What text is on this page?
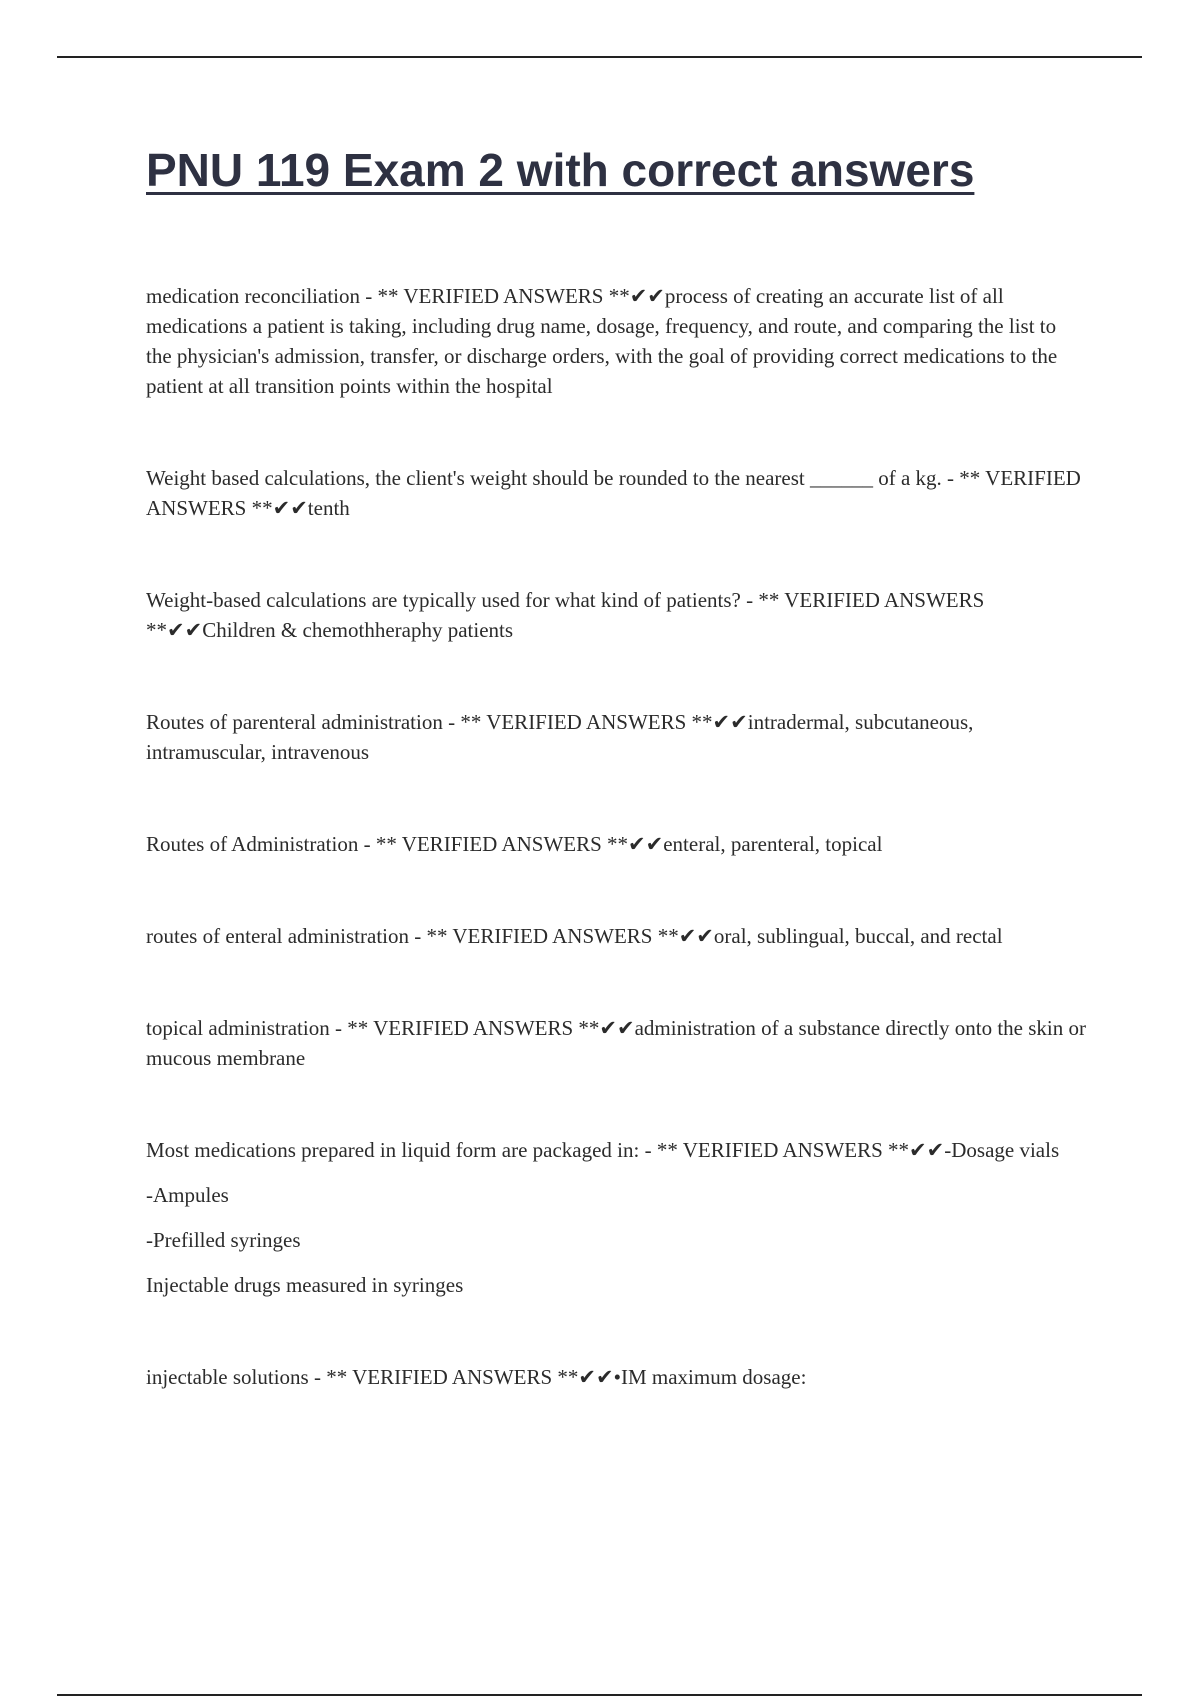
PNU 119 Exam 2 with correct answers

medication reconciliation - ** VERIFIED ANSWERS **✔✔process of creating an accurate list of all medications a patient is taking, including drug name, dosage, frequency, and route, and comparing the list to the physician's admission, transfer, or discharge orders, with the goal of providing correct medications to the patient at all transition points within the hospital

Weight based calculations, the client's weight should be rounded to the nearest ______ of a kg. - ** VERIFIED ANSWERS **✔✔tenth

Weight-based calculations are typically used for what kind of patients? - ** VERIFIED ANSWERS **✔✔Children & chemothheraphy patients

Routes of parenteral administration - ** VERIFIED ANSWERS **✔✔intradermal, subcutaneous, intramuscular, intravenous

Routes of Administration - ** VERIFIED ANSWERS **✔✔enteral, parenteral, topical

routes of enteral administration - ** VERIFIED ANSWERS **✔✔oral, sublingual, buccal, and rectal

topical administration - ** VERIFIED ANSWERS **✔✔administration of a substance directly onto the skin or mucous membrane

Most medications prepared in liquid form are packaged in: - ** VERIFIED ANSWERS **✔✔-Dosage vials

-Ampules

-Prefilled syringes

Injectable drugs measured in syringes

injectable solutions - ** VERIFIED ANSWERS **✔✔•IM maximum dosage:
